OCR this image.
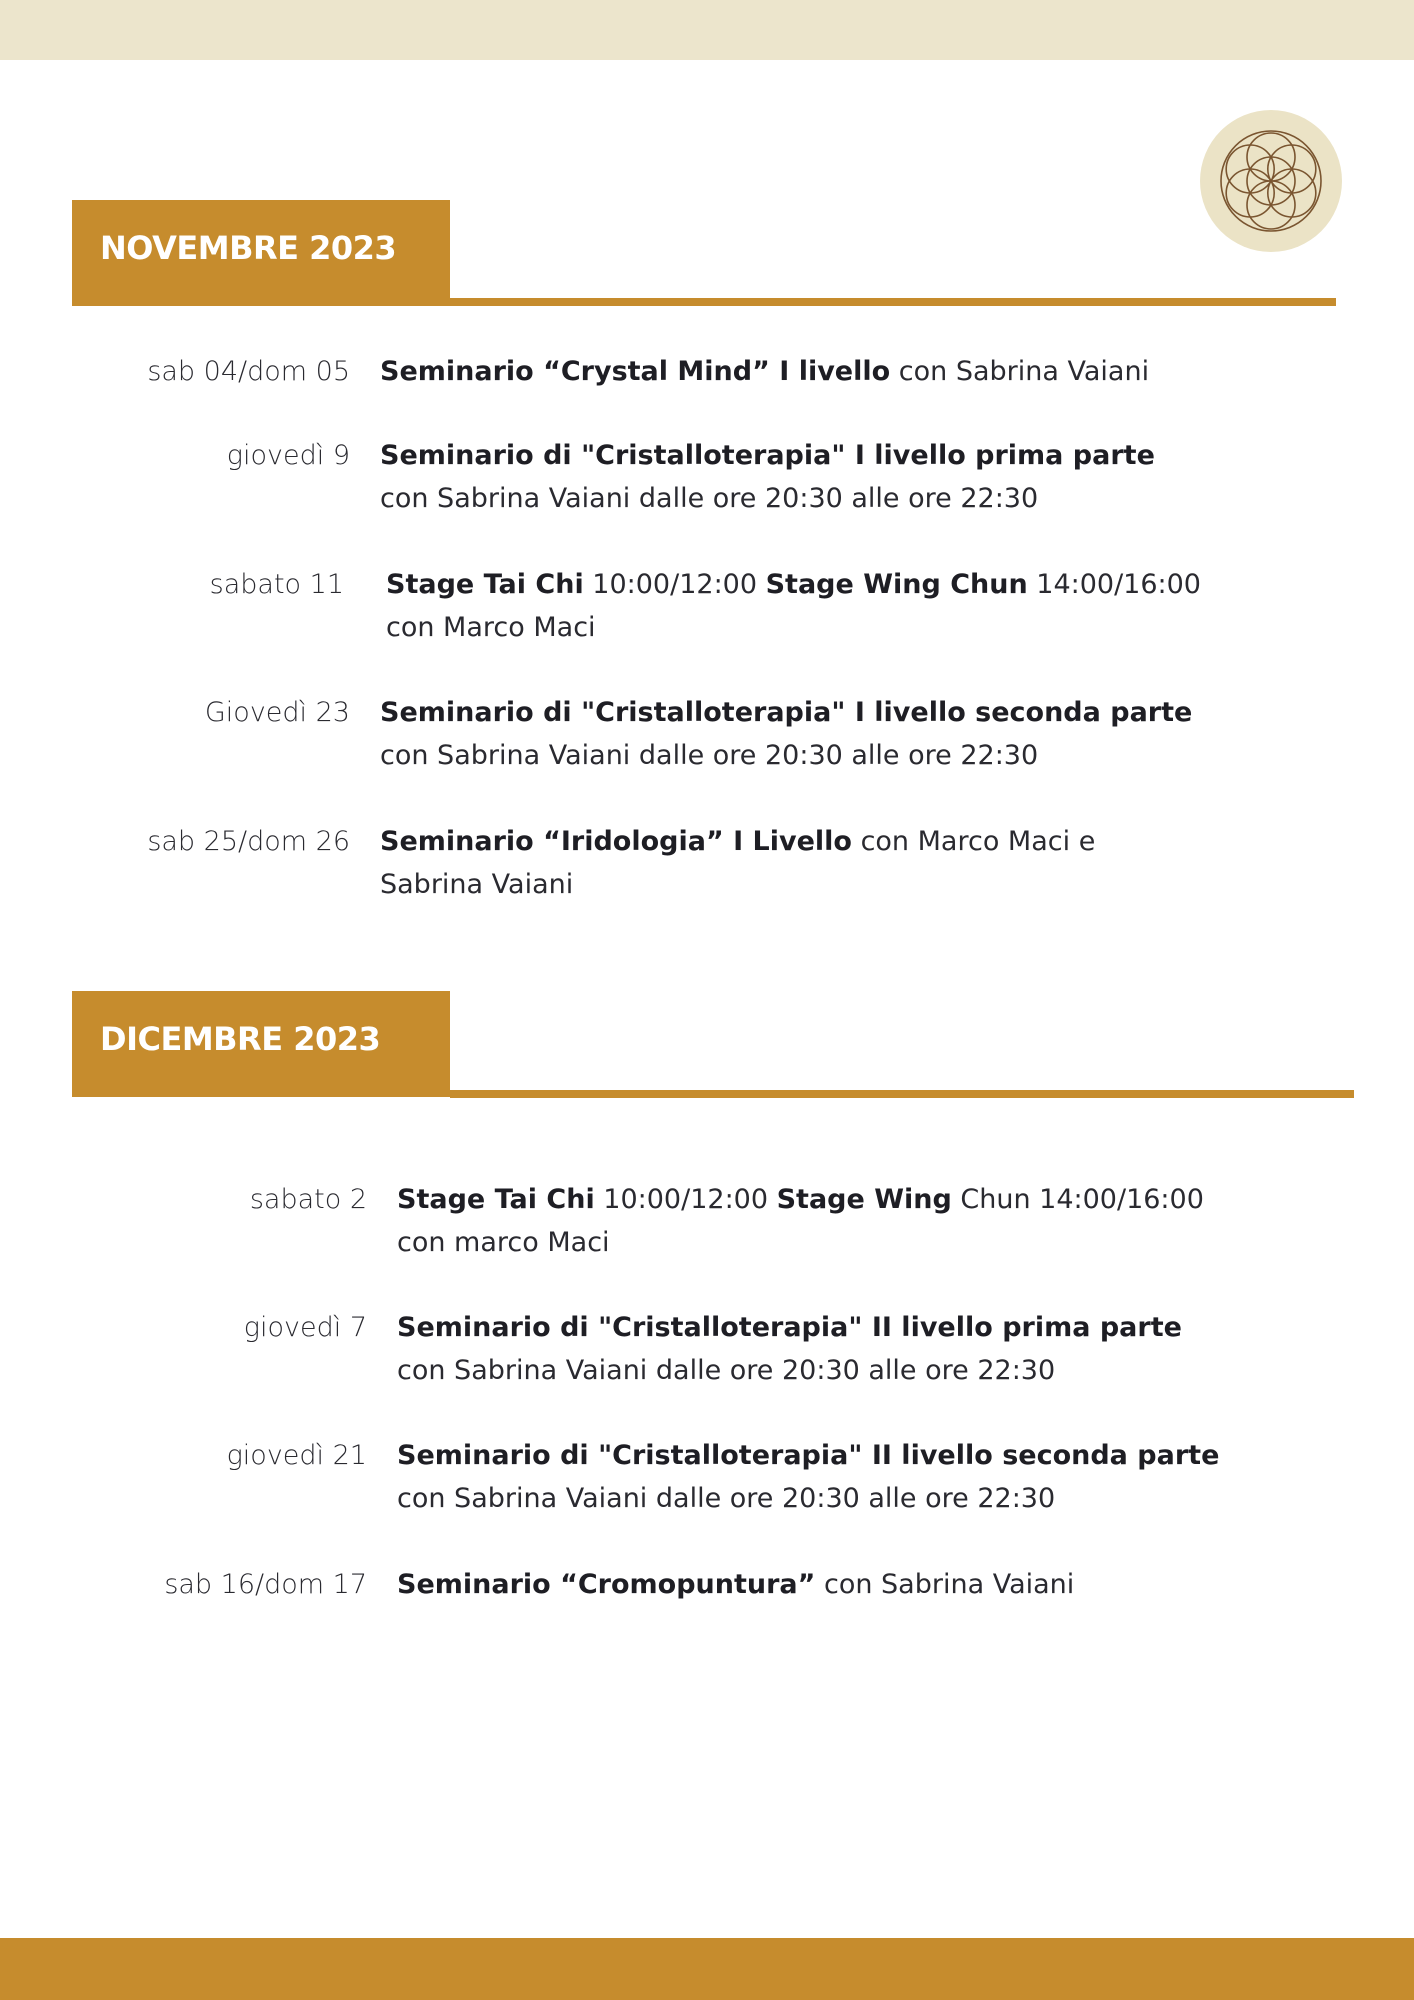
NOVEMBRE 2023
sab 04/dom 05 Seminario “Crystal Mind” I livello con Sabrina Vaiani
giovedì 9 Seminario di "Cristalloterapia" I livello prima parte con Sabrina Vaiani dalle ore 20:30 alle ore 22:30
sabato 11 Stage Tai Chi 10:00/12:00 Stage Wing Chun 14:00/16:00 con Marco Maci
Giovedì 23 Seminario di "Cristalloterapia" I livello seconda parte con Sabrina Vaiani dalle ore 20:30 alle ore 22:30
sab 25/dom 26 Seminario “Iridologia” I Livello con Marco Maci e Sabrina Vaiani
DICEMBRE 2023
sabato 2 Stage Tai Chi 10:00/12:00 Stage Wing Chun 14:00/16:00 con marco Maci
giovedì 7 Seminario di "Cristalloterapia" II livello prima parte con Sabrina Vaiani dalle ore 20:30 alle ore 22:30
giovedì 21 Seminario di "Cristalloterapia" II livello seconda parte con Sabrina Vaiani dalle ore 20:30 alle ore 22:30
sab 16/dom 17 Seminario “Cromopuntura” con Sabrina Vaiani
